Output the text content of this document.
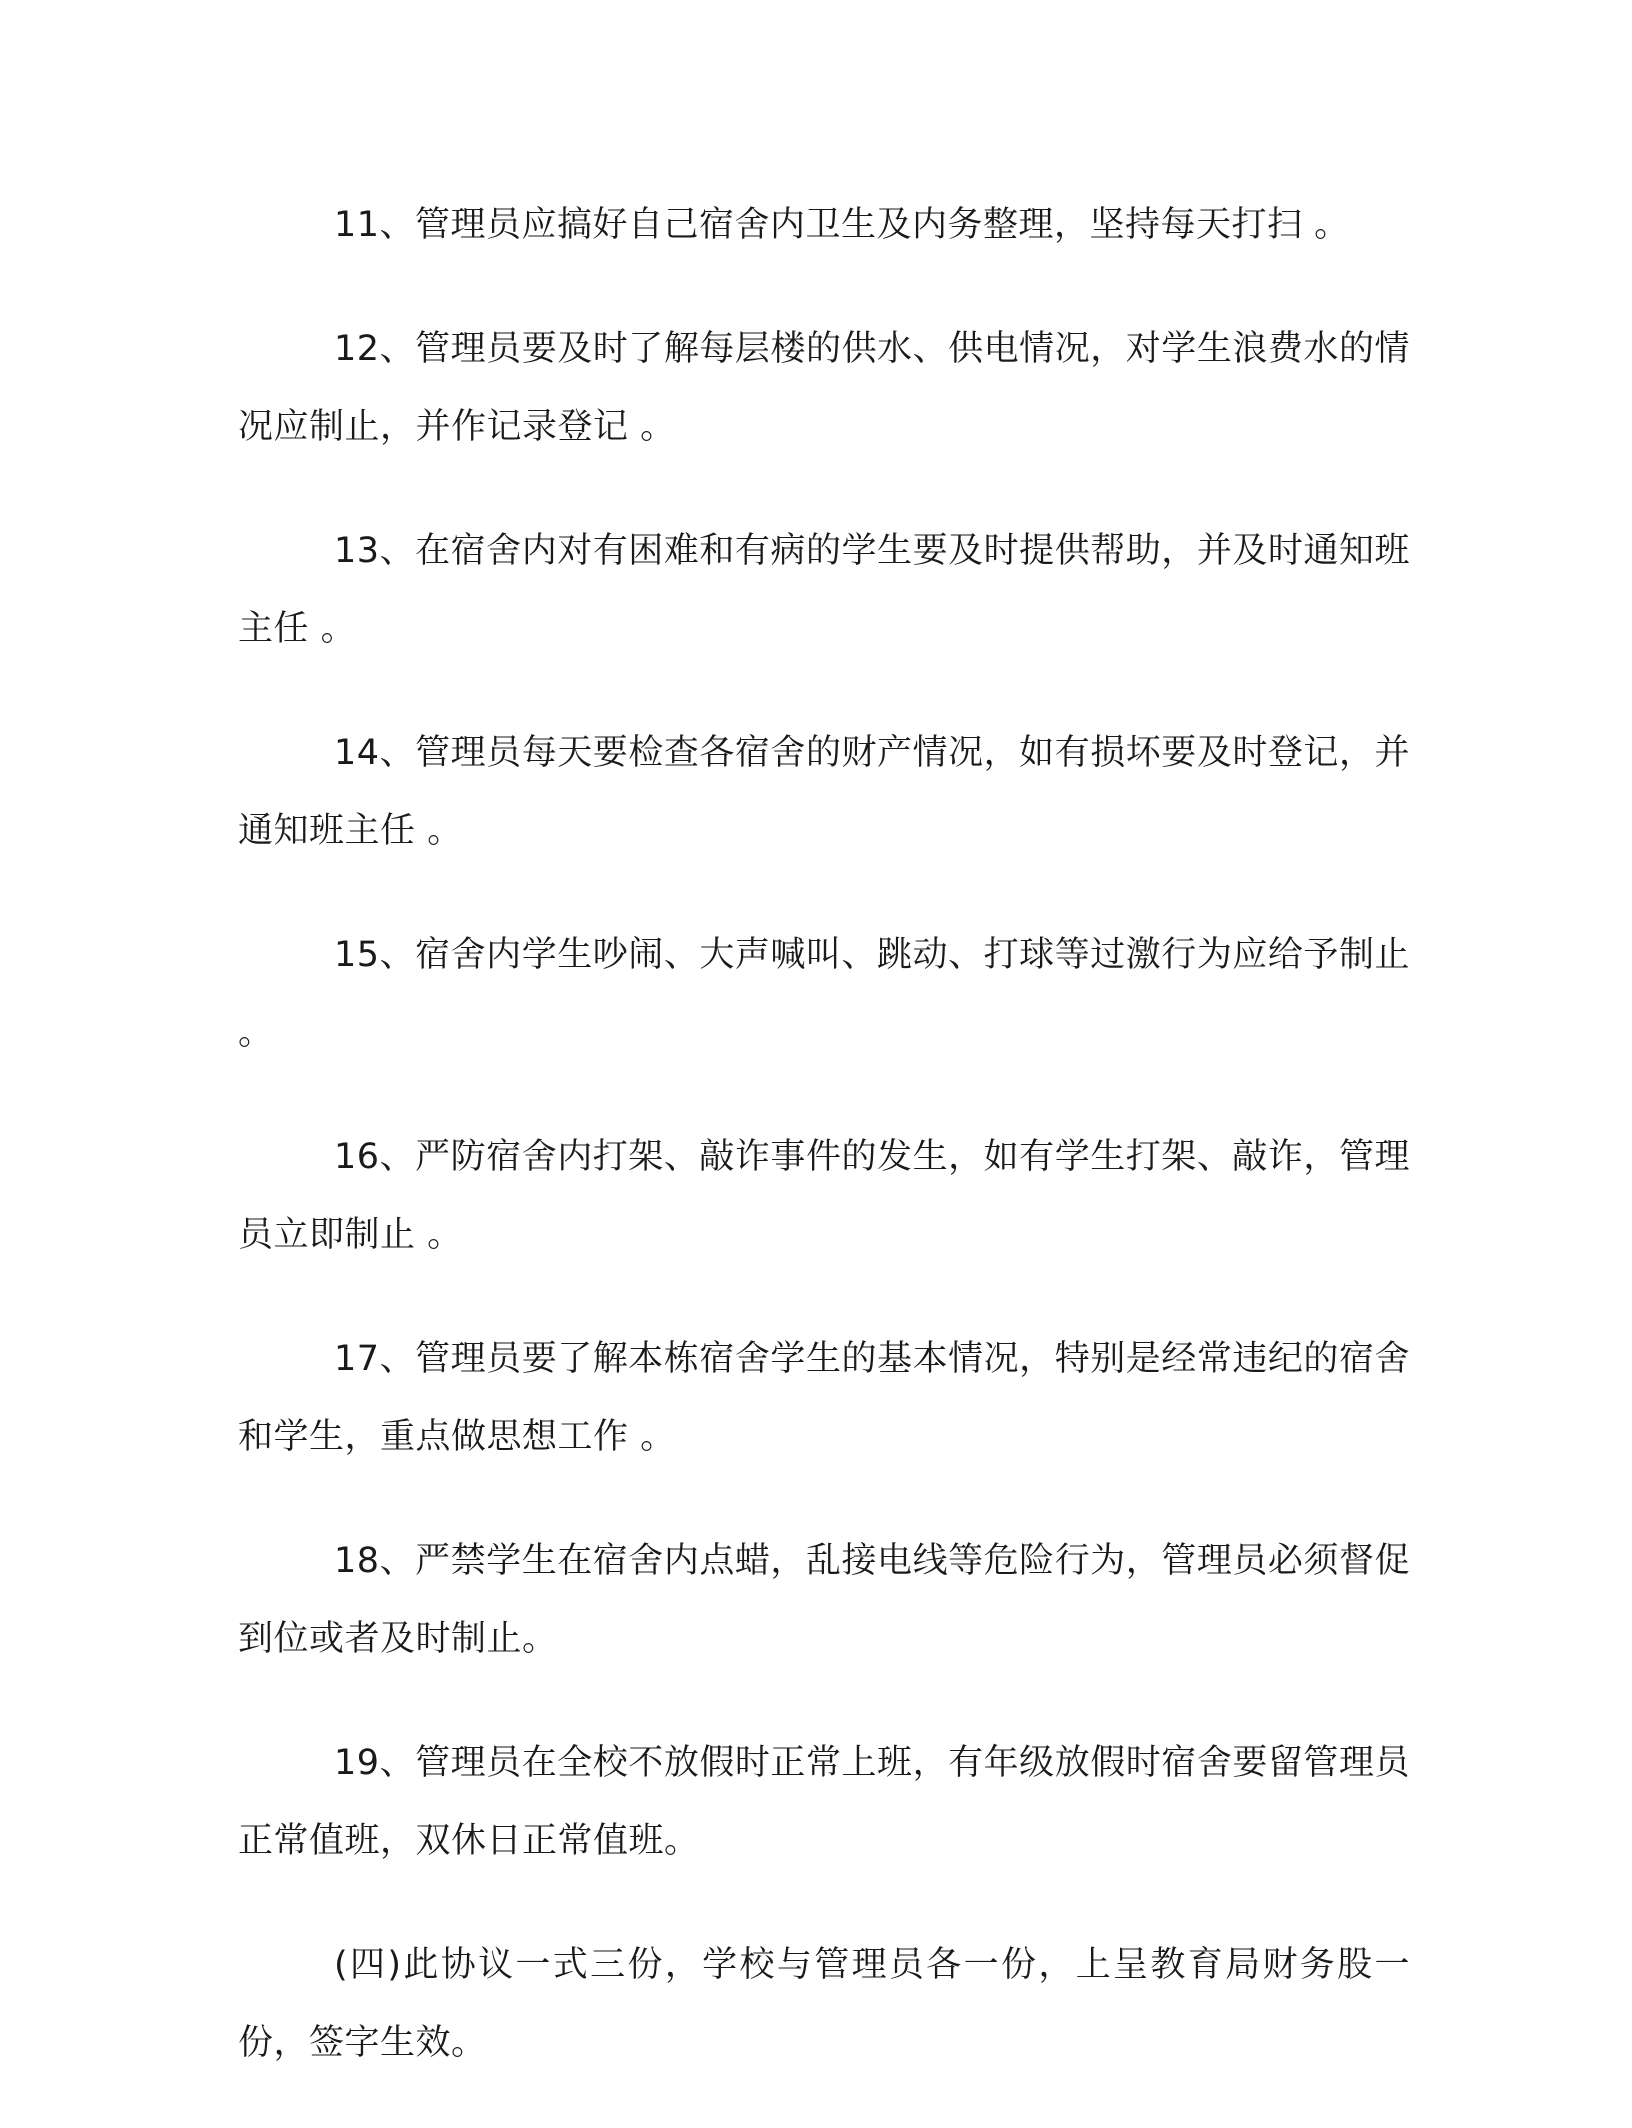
11、管理员应搞好自己宿舍内卫生及内务整理，坚持每天打扫 。

12、管理员要及时了解每层楼的供水、供电情况，对学生浪费水的情况应制止，并作记录登记 。

13、在宿舍内对有困难和有病的学生要及时提供帮助，并及时通知班主任 。

14、管理员每天要检查各宿舍的财产情况，如有损坏要及时登记，并通知班主任 。

15、宿舍内学生吵闹、大声喊叫、跳动、打球等过激行为应给予制止 。

16、严防宿舍内打架、敲诈事件的发生，如有学生打架、敲诈，管理员立即制止 。

17、管理员要了解本栋宿舍学生的基本情况，特别是经常违纪的宿舍和学生，重点做思想工作 。

18、严禁学生在宿舍内点蜡，乱接电线等危险行为，管理员必须督促到位或者及时制止。

19、管理员在全校不放假时正常上班，有年级放假时宿舍要留管理员正常值班，双休日正常值班。

(四)此协议一式三份，学校与管理员各一份，上呈教育局财务股一份，签字生效。
